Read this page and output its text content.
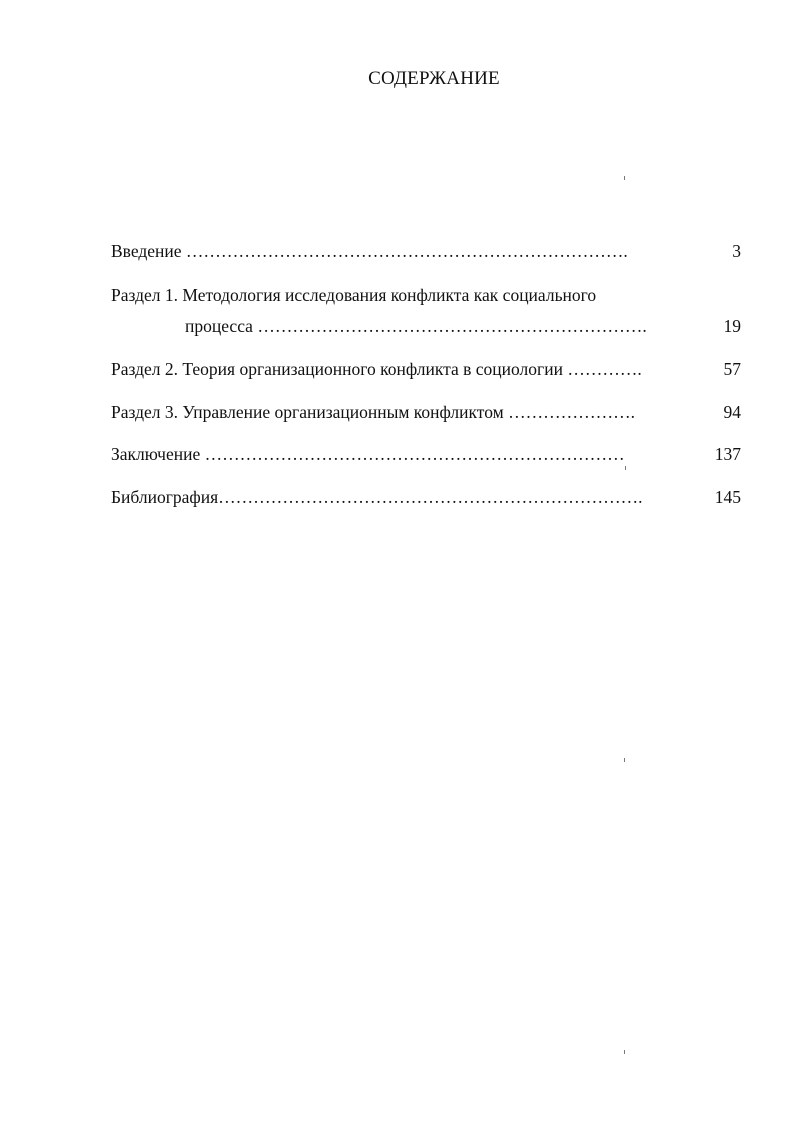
СОДЕРЖАНИЕ
Введение ………………………………………………………………….	3
Раздел 1. Методология исследования конфликта как социального
процесса ………………………………………………………….	19
Раздел 2. Теория организационного конфликта в социологии ………….	57
Раздел 3. Управление организационным конфликтом ………………….	94
Заключение ………………………………………………………………	137
Библиография……………………………………………………………….	145
